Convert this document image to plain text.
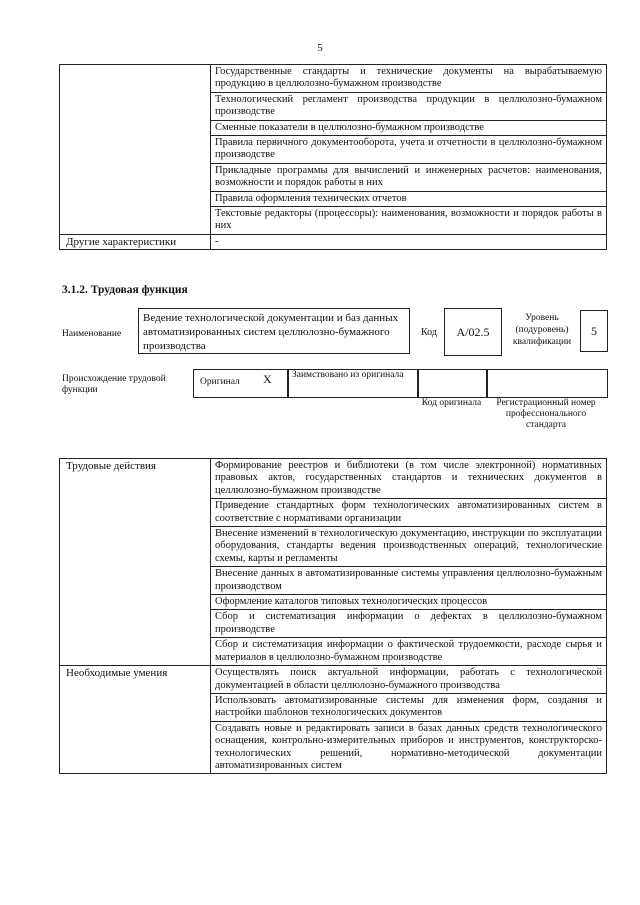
5
	Государственные стандарты и технические документы на вырабатываемую продукцию в целлюлозно-бумажном производстве
	Технологический регламент производства продукции в целлюлозно-бумажном производстве
	Сменные показатели в целлюлозно-бумажном производстве
	Правила первичного документооборота, учета и отчетности в целлюлозно-бумажном производстве
	Прикладные программы для вычислений и инженерных расчетов: наименования, возможности и порядок работы в них
	Правила оформления технических отчетов
	Текстовые редакторы (процессоры): наименования, возможности и порядок работы в них
Другие характеристики	-
3.1.2. Трудовая функция
Наименование
Ведение технологической документации и баз данных автоматизированных систем целлюлозно-бумажного производства
Код	A/02.5
Уровень (подуровень) квалификации
5
Происхождение трудовой функции
Оригинал X Заимствовано из оригинала
Код оригинала	Регистрационный номер профессионального стандарта
Трудовые действия	Формирование реестров и библиотеки (в том числе электронной) нормативных правовых актов, государственных стандартов и технических документов в целлюлозно-бумажном производстве
	Приведение стандартных форм технологических автоматизированных систем в соответствие с нормативами организации
	Внесение изменений в технологическую документацию, инструкции по эксплуатации оборудования, стандарты ведения производственных операций, технологические схемы, карты и регламенты
	Внесение данных в автоматизированные системы управления целлюлозно-бумажным производством
	Оформление каталогов типовых технологических процессов
	Сбор и систематизация информации о дефектах в целлюлозно-бумажном производстве
	Сбор и систематизация информации о фактической трудоемкости, расходе сырья и материалов в целлюлозно-бумажном производстве
Необходимые умения	Осуществлять поиск актуальной информации, работать с технологической документацией в области целлюлозно-бумажного производства
	Использовать автоматизированные системы для изменения форм, создания и настройки шаблонов технологических документов
	Создавать новые и редактировать записи в базах данных средств технологического оснащения, контрольно-измерительных приборов и инструментов, конструкторско-технологических решений, нормативно-методической документации автоматизированных систем
